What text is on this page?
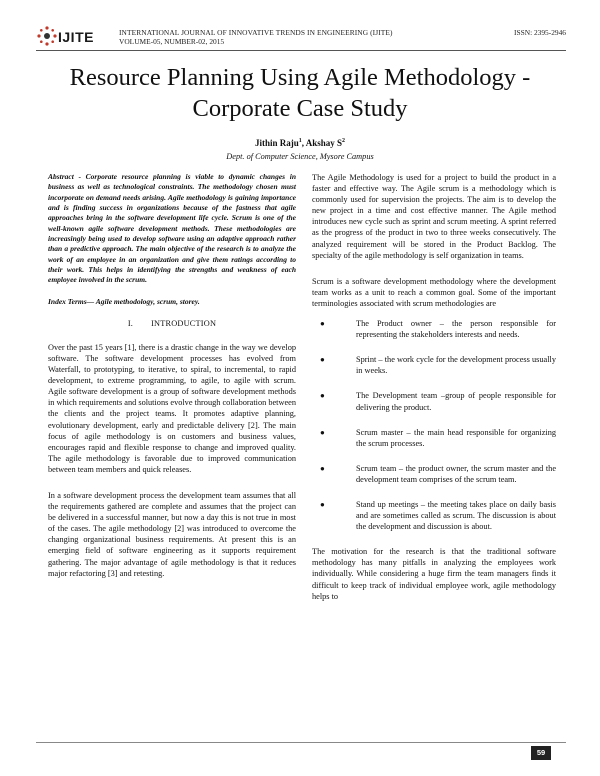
IJITE	INTERNATIONAL JOURNAL OF INNOVATIVE TRENDS IN ENGINEERING (IJITE)
VOLUME-05, NUMBER-02, 2015
ISSN: 2395-2946
Resource Planning Using Agile Methodology -
Corporate Case Study
Jithin Raju$^1$, Akshay $S^2$
Dept. of Computer Science, Mysore Campus

Abstract - Corporate resource planning is viable to dynamic changes in business as well as technological constraints. The methodology chosen must incorporate on demand needs arising. Agile methodology is gaining importance and is finding success in organizations because of the fastness that agile approaches bring in the software development life cycle. Scrum is one of the well-known agile software development methods. These methodologies are increasingly being used to develop software using an adaptive approach rather than a predictive approach. The main objective of the research is to analyze the work of an employee in an organization and give them ratings according to their work. This helps in identifying the strengths and weakness of each employee involved in the scrum.

Index Terms— Agile methodology, scrum, storey.

I. INTRODUCTION

Over the past 15 years [1], there is a drastic change in the way we develop software. The software development processes has evolved from Waterfall, to prototyping, to iterative, to spiral, to incremental, to rapid development, to extreme programming, to agile, to agile with scrum. Agile software development is a group of software development methods in which requirements and solutions evolve through collaboration between the clients and the project teams. It promotes adaptive planning, evolutionary development, early and predictable delivery [2]. The main focus of agile methodology is on customers and business values, encourages rapid and flexible response to change and improved quality. The agile methodology is favorable due to improved communication between team members and quick releases.

In a software development process the development team assumes that all the requirements gathered are complete and assumes that the project can be delivered in a successful manner, but now a day this is not true in most of the cases. The agile methodology [2] was introduced to overcome the changing organizational business requirements. At present this is an emerging field of software engineering as it supports requirement gathering. The major advantage of agile methodology is that it reduces major refactoring [3] and retesting.

The Agile Methodology is used for a project to build the product in a faster and effective way. The Agile scrum is a methodology which is commonly used for supervision the projects. The aim is to develop the new project in a time and cost effective manner. The Agile method introduces new cycle such as sprint and scrum meeting. A sprint referred as the progress of the product in two to three weeks consecutively. The analyzed requirement will be stored in the Product Backlog. The specialty of the agile methodology is self organization in teams.

Scrum is a software development methodology where the development team works as a unit to reach a common goal. Some of the important terminologies associated with scrum methodologies are

●	The Product owner – the person responsible for representing the stakeholders interests and needs.
●	Sprint – the work cycle for the development process usually in weeks.
●	The Development team –group of people responsible for delivering the product.
●	Scrum master – the main head responsible for organizing the scrum processes.
●	Scrum team – the product owner, the scrum master and the development team comprises of the scrum team.
●	Stand up meetings – the meeting takes place on daily basis and are sometimes called as scrum. The discussion is about the development and discussion is about.

The motivation for the research is that the traditional software methodology has many pitfalls in analyzing the employees work individually. While considering a huge firm the team managers finds it difficult to keep track of individual employee work, agile methodology helps to

59
